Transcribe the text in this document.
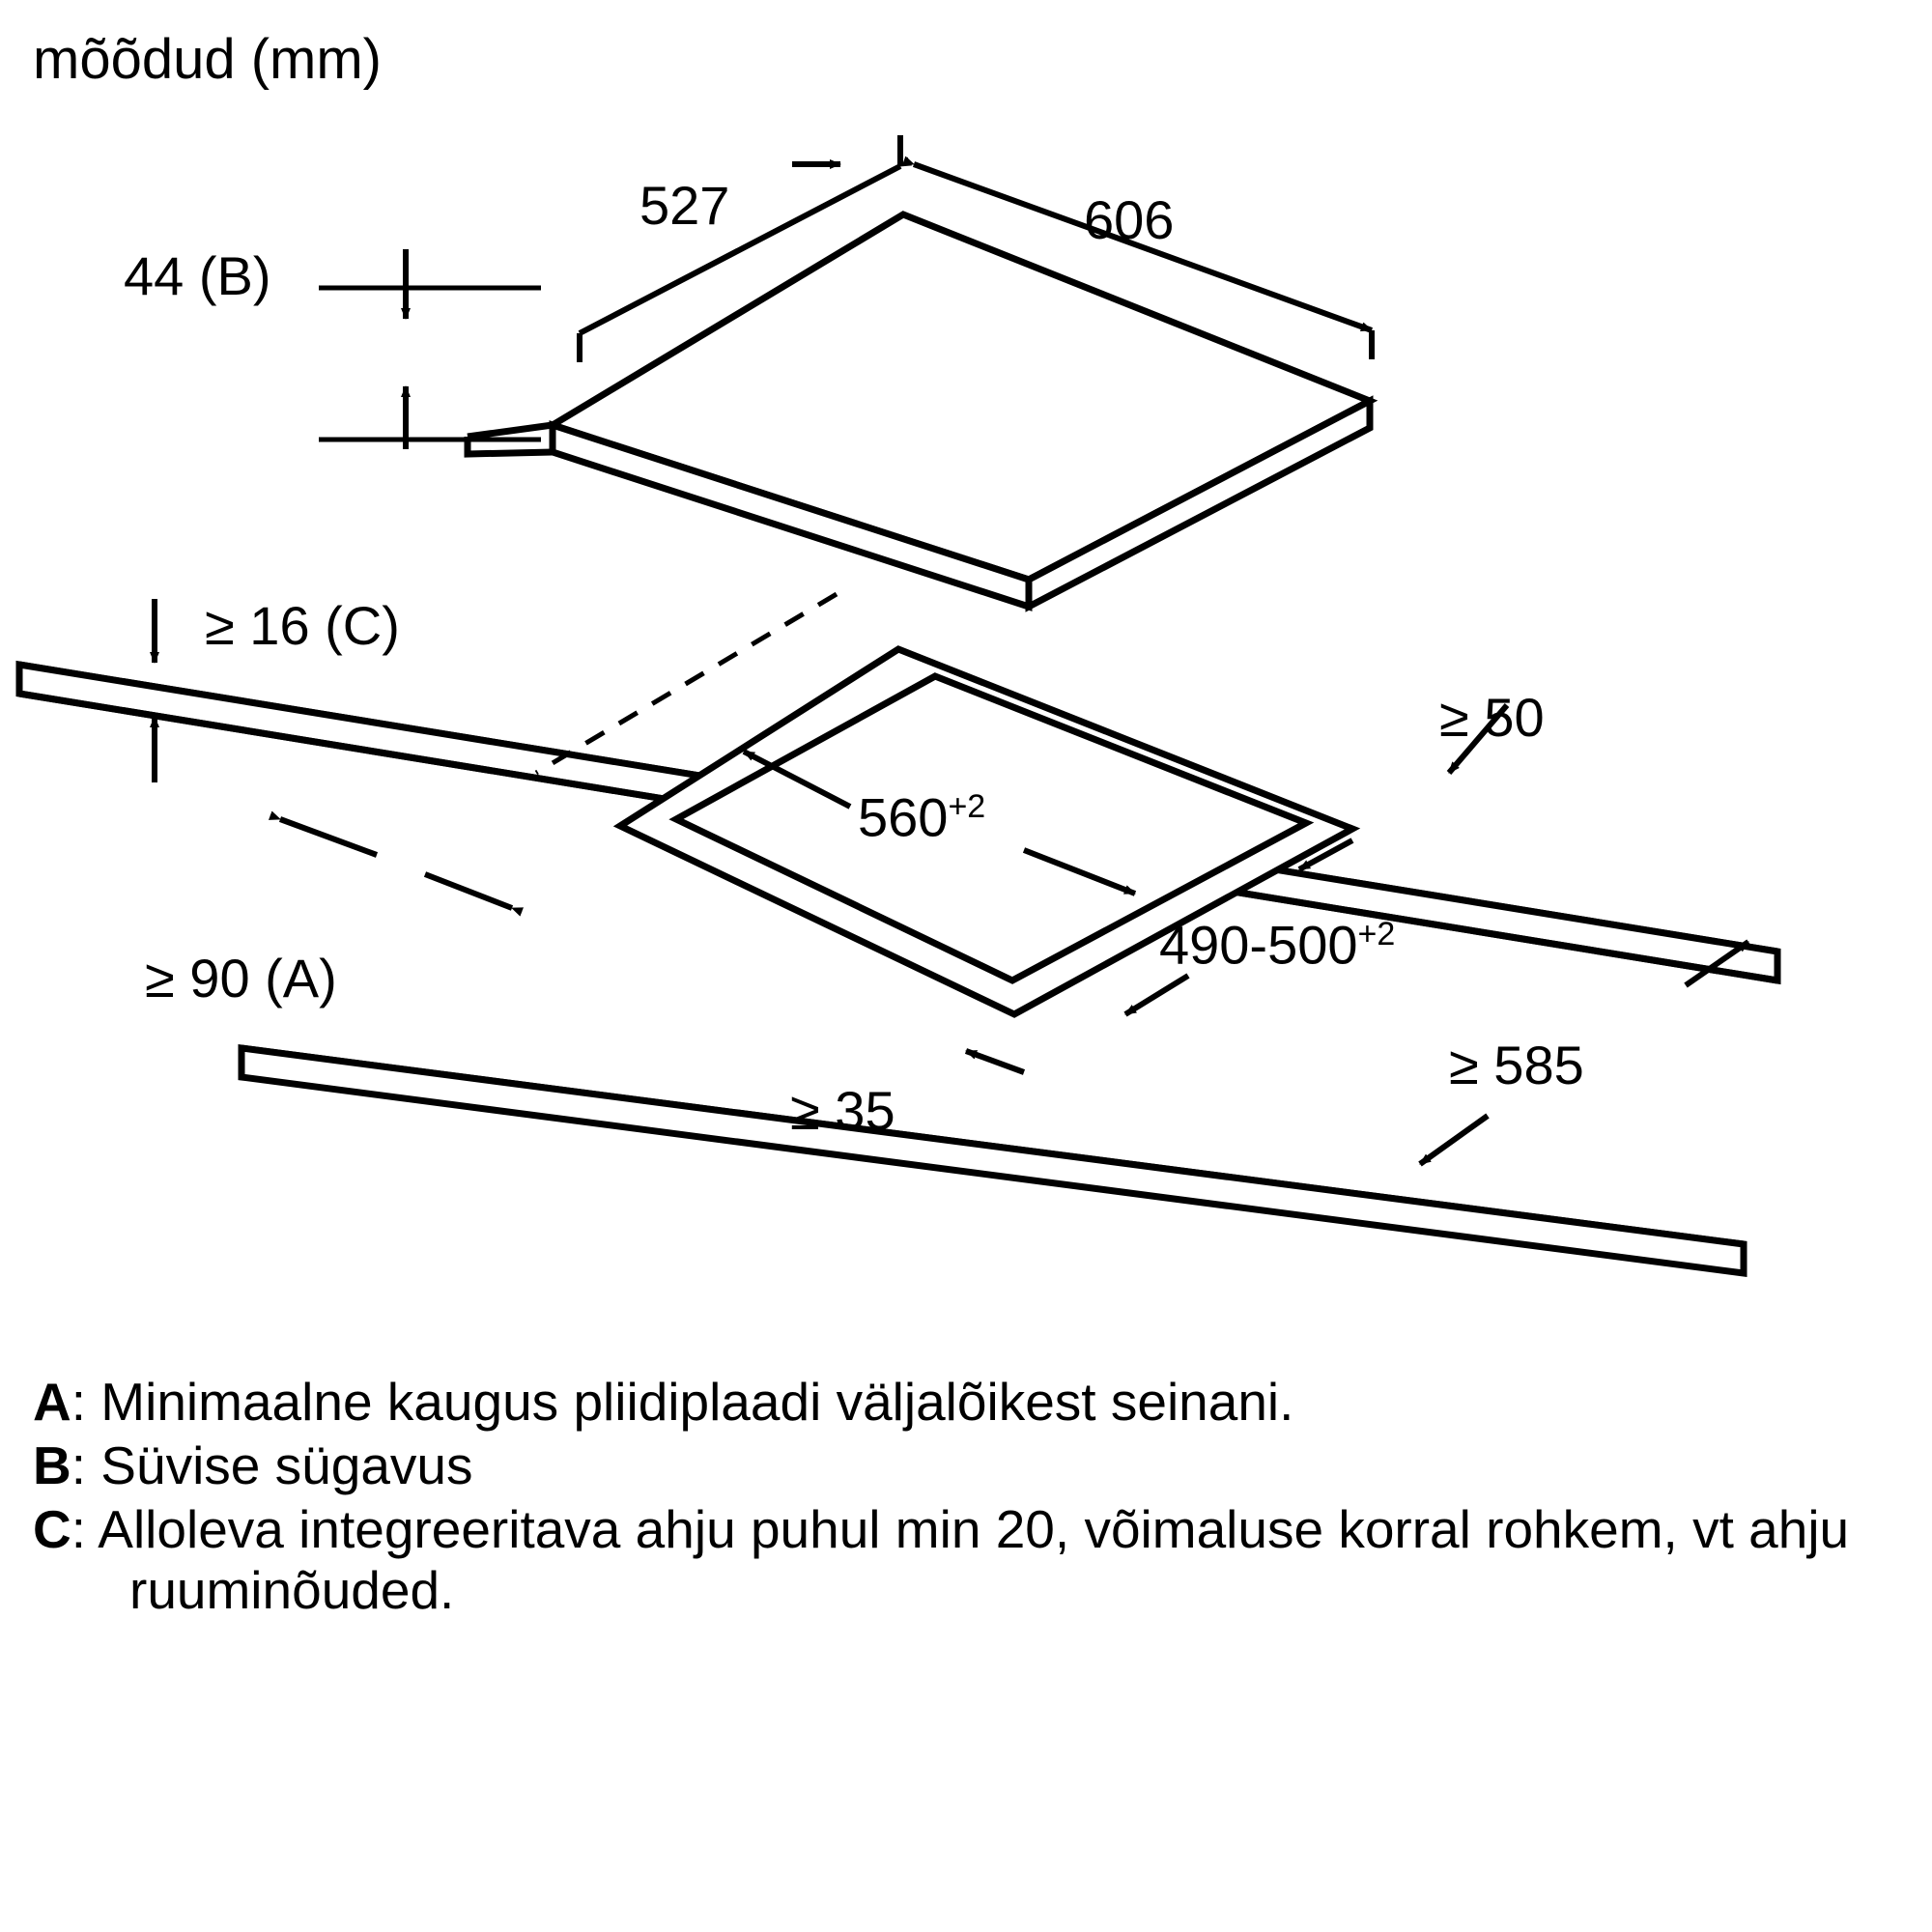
mõõdud (mm)
527	606
44 (B)
≥ 16 (C)
$560^{+2}$
$490-500^{+2}$
≥ 50
≥ 585
≥ 90 (A)
≥ 35
A: Minimaalne kaugus pliidiplaadi väljalõikest seinani.
B: Süvise sügavus
C: Alloleva integreeritava ahju puhul min 20, võimaluse korral rohkem, vt ahju ruuminõuded.
